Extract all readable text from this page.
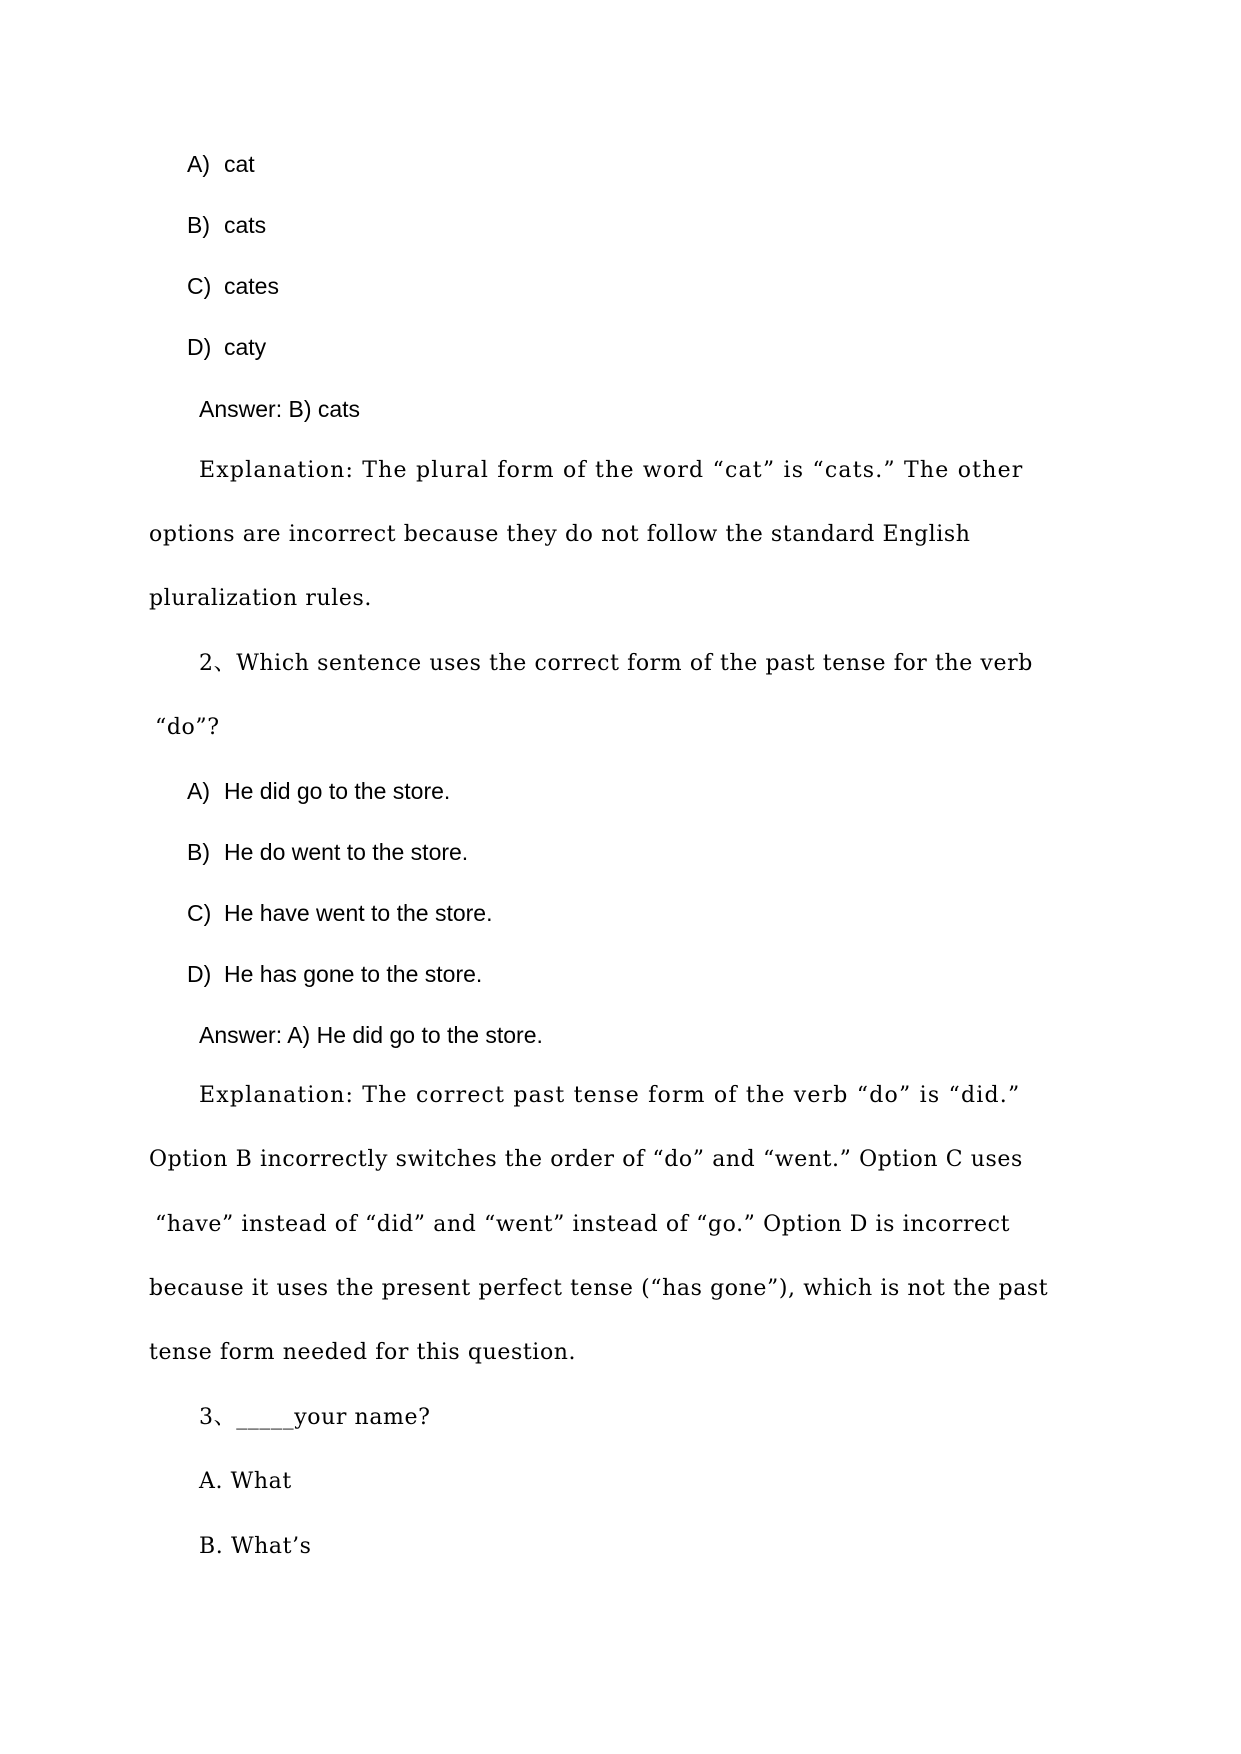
A) cat
B) cats
C) cates
D) caty
Answer: B) cats
Explanation: The plural form of the word “cat” is “cats.” The other
options are incorrect because they do not follow the standard English
pluralization rules.
2、Which sentence uses the correct form of the past tense for the verb
“do”?
A) He did go to the store.
B) He do went to the store.
C) He have went to the store.
D) He has gone to the store.
Answer: A) He did go to the store.
Explanation: The correct past tense form of the verb “do” is “did.”
Option B incorrectly switches the order of “do” and “went.” Option C uses
“have” instead of “did” and “went” instead of “go.” Option D is incorrect
because it uses the present perfect tense (“has gone”), which is not the past
tense form needed for this question.
3、_____your name?
A. What
B. What’s
